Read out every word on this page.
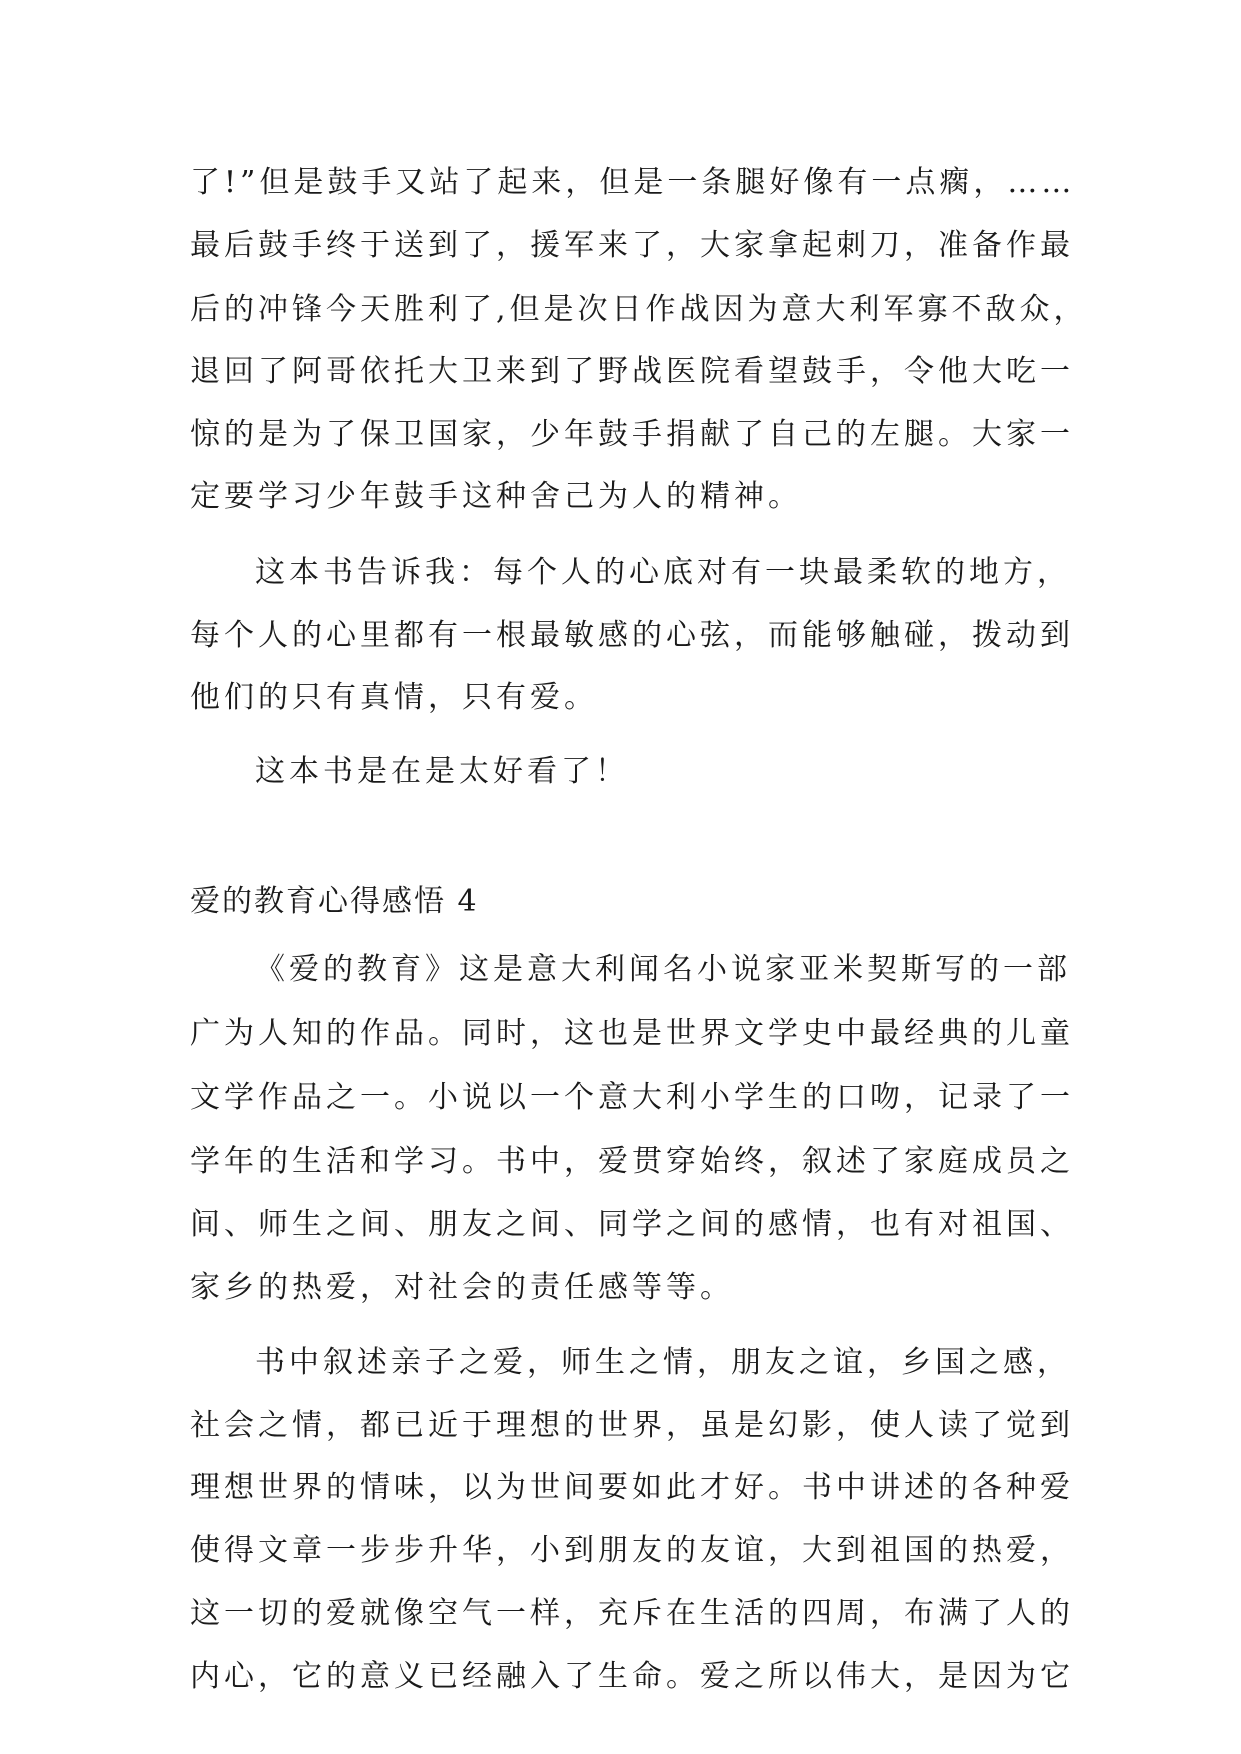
了!”但是鼓手又站了起来，但是一条腿好像有一点瘸，……
最后鼓手终于送到了，援军来了，大家拿起刺刀，准备作最
后的冲锋今天胜利了,但是次日作战因为意大利军寡不敌众，
退回了阿哥依托大卫来到了野战医院看望鼓手，令他大吃一
惊的是为了保卫国家，少年鼓手捐献了自己的左腿。大家一
定要学习少年鼓手这种舍己为人的精神。
这本书告诉我：每个人的心底对有一块最柔软的地方，
每个人的心里都有一根最敏感的心弦，而能够触碰，拨动到
他们的只有真情，只有爱。
这本书是在是太好看了！
爱的教育心得感悟 4
《爱的教育》这是意大利闻名小说家亚米契斯写的一部
广为人知的作品。同时，这也是世界文学史中最经典的儿童
文学作品之一。小说以一个意大利小学生的口吻，记录了一
学年的生活和学习。书中，爱贯穿始终，叙述了家庭成员之
间、师生之间、朋友之间、同学之间的感情，也有对祖国、
家乡的热爱，对社会的责任感等等。
书中叙述亲子之爱，师生之情，朋友之谊，乡国之感，
社会之情，都已近于理想的世界，虽是幻影，使人读了觉到
理想世界的情味，以为世间要如此才好。书中讲述的各种爱
使得文章一步步升华，小到朋友的友谊，大到祖国的热爱，
这一切的爱就像空气一样，充斥在生活的四周，布满了人的
内心，它的意义已经融入了生命。爱之所以伟大，是因为它
